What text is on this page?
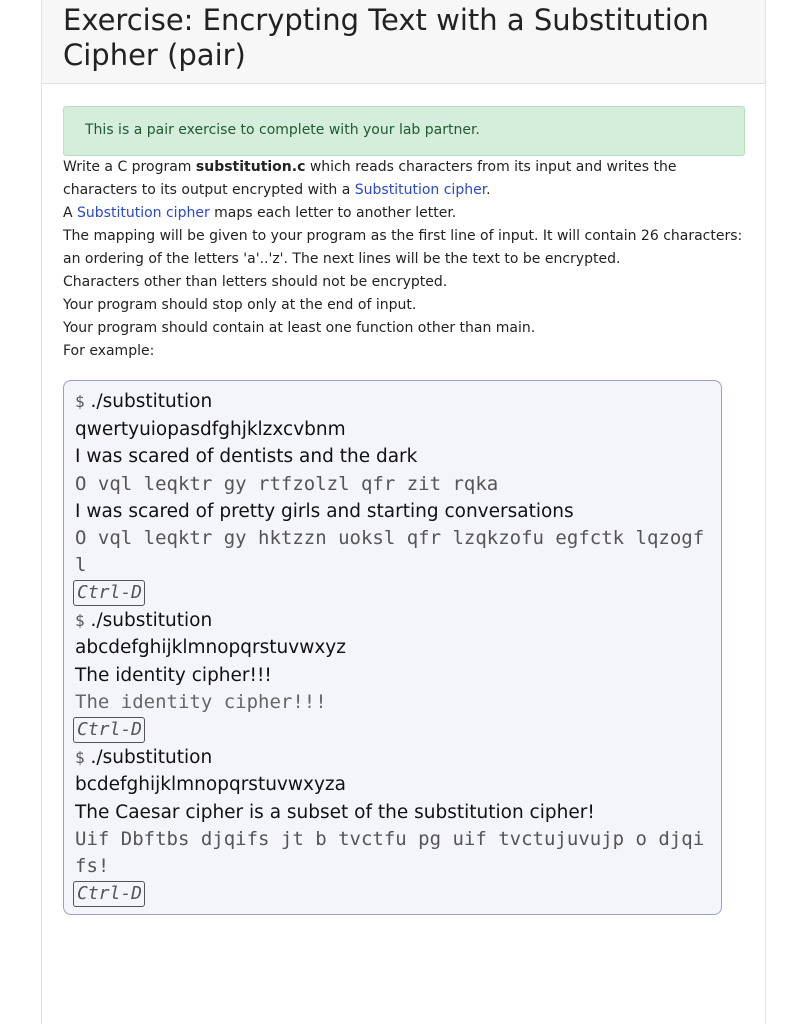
Exercise: Encrypting Text with a Substitution Cipher (pair)
This is a pair exercise to complete with your lab partner.

Write a C program substitution.c which reads characters from its input and writes the characters to its output encrypted with a Substitution cipher.
A Substitution cipher maps each letter to another letter.

The mapping will be given to your program as the first line of input. It will contain 26 characters: an ordering of the letters 'a'..'z'. The next lines will be the text to be encrypted.

Characters other than letters should not be encrypted.

Your program should stop only at the end of input.

Your program should contain at least one function other than main.

For example:

$ ./substitution
qwertyuiopasdfghjklzxcvbnm
I was scared of dentists and the dark
O vql leqktr gy rtfzolzl qfr zit rqka
I was scared of pretty girls and starting conversations
O vql leqktr gy hktzzn uoksl qfr lzqkzofu egfctk lqzogfl
Ctrl-D
$ ./substitution
abcdefghijklmnopqrstuvwxyz
The identity cipher!!!
The identity cipher!!!
Ctrl-D
$ ./substitution
bcdefghijklmnopqrstuvwxyza
The Caesar cipher is a subset of the substitution cipher!
Uif Dbftbs djqifs jt b tvctfu pg uif tvctujuvujp o djqifs!
Ctrl-D
